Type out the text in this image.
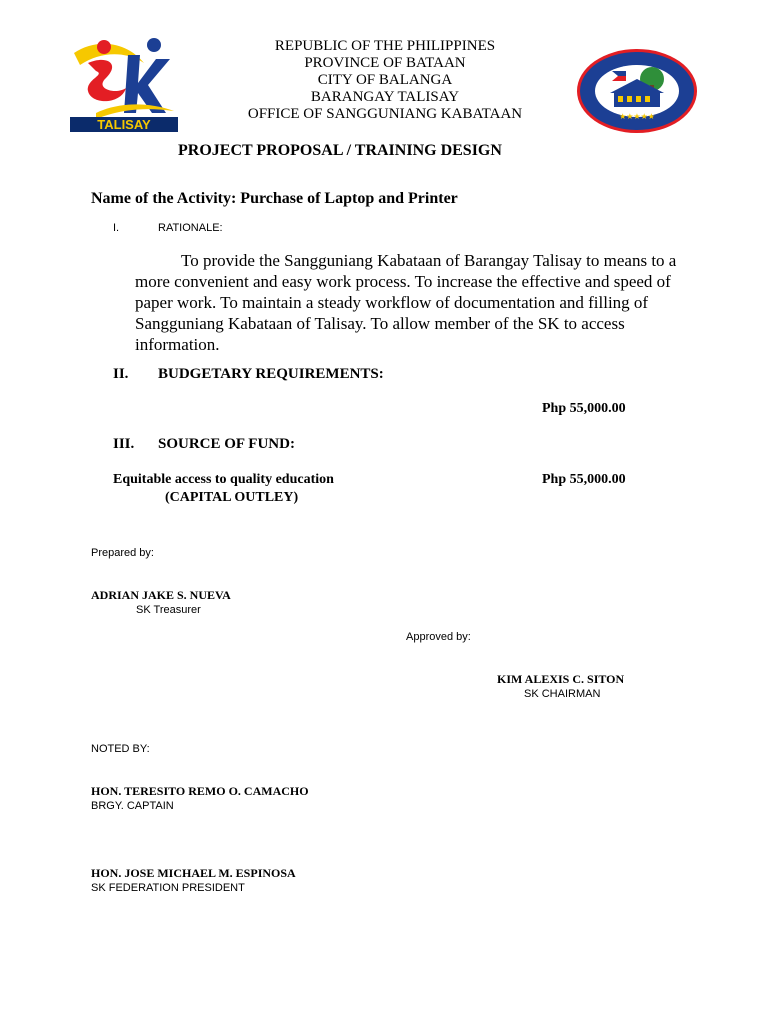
TALISAY
★★★★★
REPUBLIC OF THE PHILIPPINES
PROVINCE OF BATAAN
CITY OF BALANGA
BARANGAY TALISAY
OFFICE OF SANGGUNIANG KABATAAN
PROJECT PROPOSAL / TRAINING DESIGN
Name of the Activity: Purchase of Laptop and Printer
I.	RATIONALE:
To provide the Sangguniang Kabataan of Barangay Talisay to means to a more convenient and easy work process. To increase the effective and speed of paper work. To maintain a steady workflow of documentation and filling of Sangguniang Kabataan of Talisay. To allow member of the SK to access information.
II. BUDGETARY REQUIREMENTS:
Php 55,000.00
III. SOURCE OF FUND:
Equitable access to quality education
(CAPITAL OUTLEY)
Php 55,000.00
Prepared by:
ADRIAN JAKE S. NUEVA
SK Treasurer
Approved by:
KIM ALEXIS C. SITON
SK CHAIRMAN
NOTED BY:
HON. TERESITO REMO O. CAMACHO
BRGY. CAPTAIN
HON. JOSE MICHAEL M. ESPINOSA
SK FEDERATION PRESIDENT
